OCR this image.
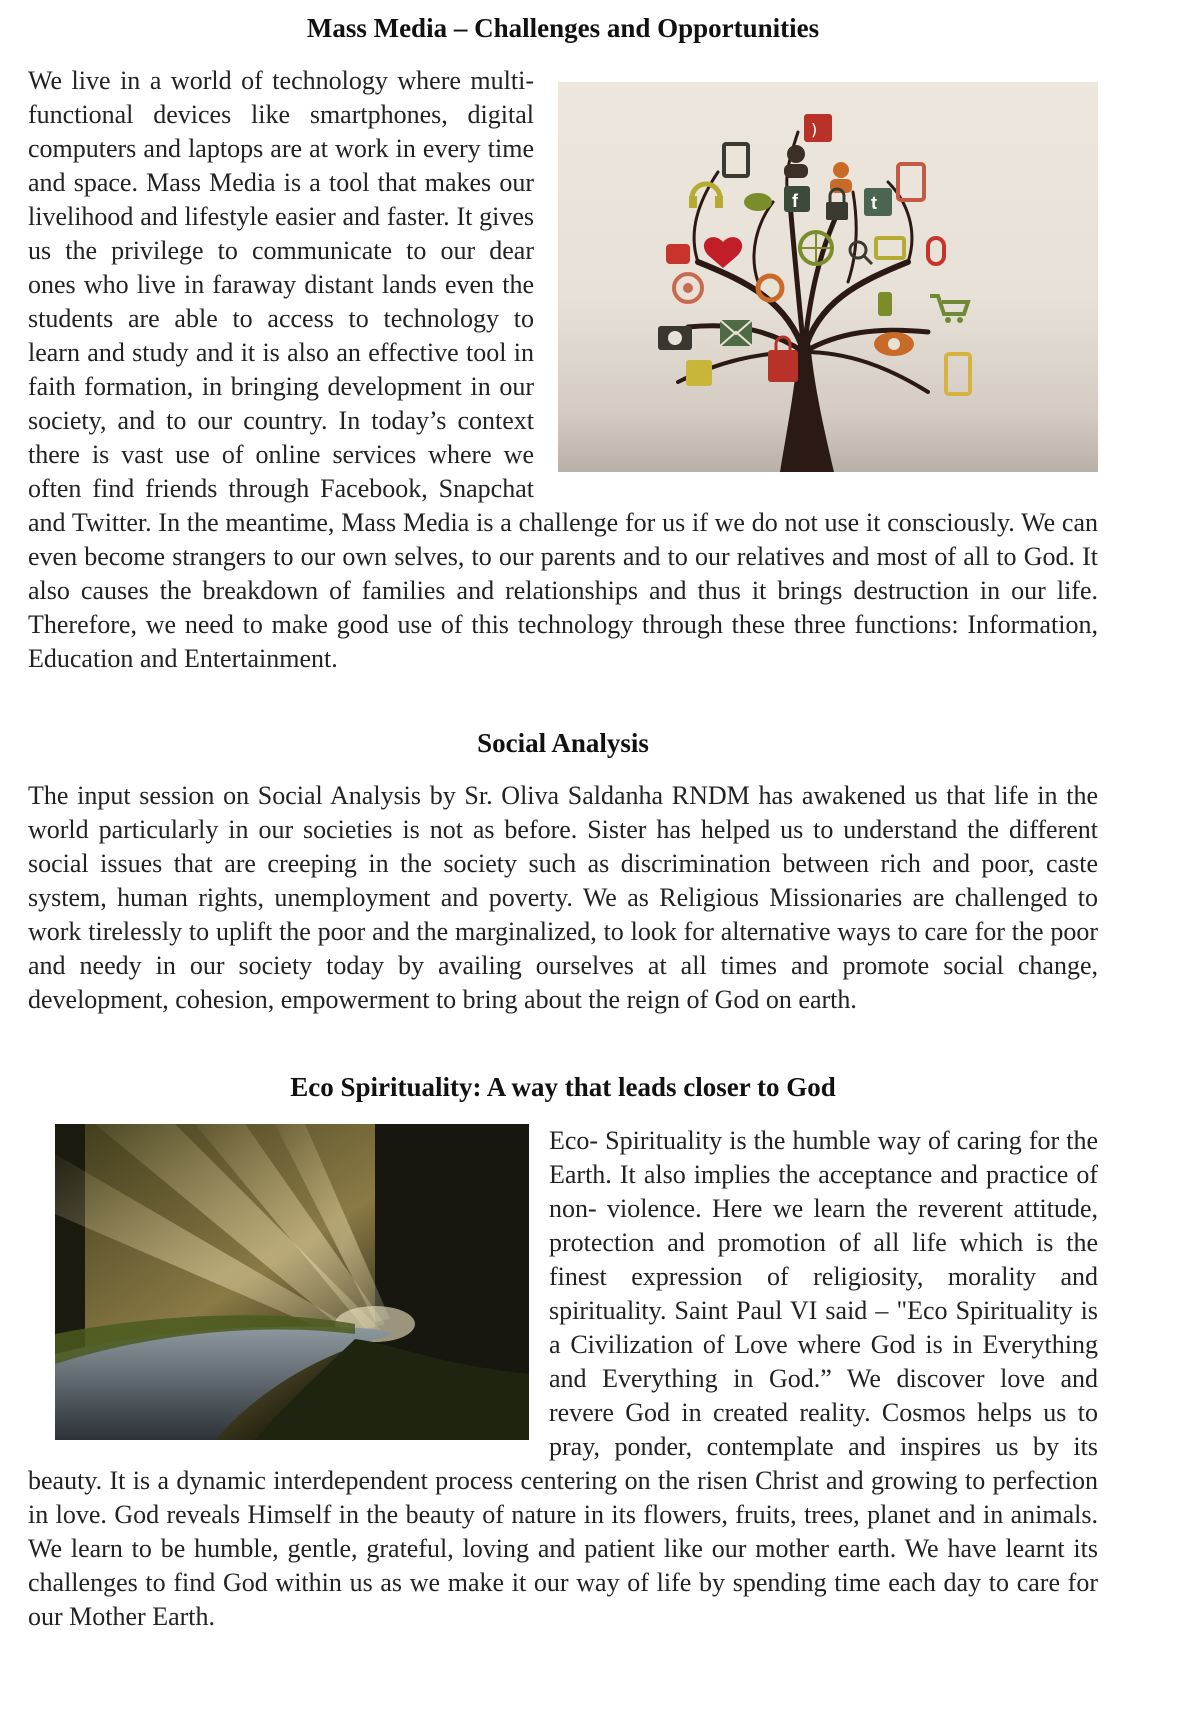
Mass Media – Challenges and Opportunities
)
f	t

We live in a world of technology where multi-functional devices like smartphones, digital computers and laptops are at work in every time and space. Mass Media is a tool that makes our livelihood and lifestyle easier and faster. It gives us the privilege to communicate to our dear ones who live in faraway distant lands even the students are able to access to technology to learn and study and it is also an effective tool in faith formation, in bringing development in our society, and to our country. In today’s context there is vast use of online services where we often find friends through Facebook, Snapchat and Twitter. In the meantime, Mass Media is a challenge for us if we do not use it consciously. We can even become strangers to our own selves, to our parents and to our relatives and most of all to God. It also causes the breakdown of families and relationships and thus it brings destruction in our life. Therefore, we need to make good use of this technology through these three functions: Information, Education and Entertainment.

Social Analysis

The input session on Social Analysis by Sr. Oliva Saldanha RNDM has awakened us that life in the world particularly in our societies is not as before. Sister has helped us to understand the different social issues that are creeping in the society such as discrimination between rich and poor, caste system, human rights, unemployment and poverty. We as Religious Missionaries are challenged to work tirelessly to uplift the poor and the marginalized, to look for alternative ways to care for the poor and needy in our society today by availing ourselves at all times and promote social change, development, cohesion, empowerment to bring about the reign of God on earth.

Eco Spirituality: A way that leads closer to God

Eco- Spirituality is the humble way of caring for the Earth. It also implies the acceptance and practice of non- violence. Here we learn the reverent attitude, protection and promotion of all life which is the finest expression of religiosity, morality and spirituality. Saint Paul VI said – "Eco Spirituality is a Civilization of Love where God is in Everything and Everything in God.” We discover love and revere God in created reality. Cosmos helps us to pray, ponder, contemplate and inspires us by its beauty. It is a dynamic interdependent process centering on the risen Christ and growing to perfection in love. God reveals Himself in the beauty of nature in its flowers, fruits, trees, planet and in animals. We learn to be humble, gentle, grateful, loving and patient like our mother earth. We have learnt its challenges to find God within us as we make it our way of life by spending time each day to care for our Mother Earth.
